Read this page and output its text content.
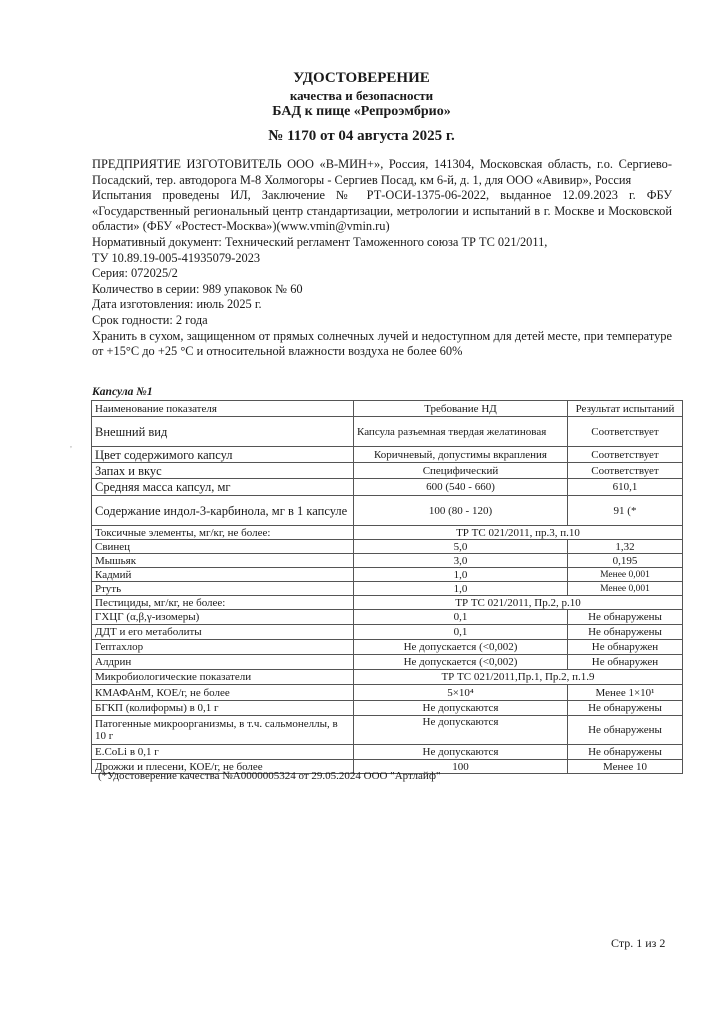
УДОСТОВЕРЕНИЕ
качества и безопасности
БАД к пище «Репроэмбрио»
№ 1170 от 04 августа 2025 г.

ПРЕДПРИЯТИЕ ИЗГОТОВИТЕЛЬ ООО «В-МИН+», Россия, 141304, Московская область, г.о. Сергиево-Посадский, тер. автодорога М-8 Холмогоры - Сергиев Посад, км 6-й, д. 1, для ООО «Авивир», Россия

Испытания проведены ИЛ, Заключение № РТ-ОСИ-1375-06-2022, выданное 12.09.2023 г. ФБУ «Государственный региональный центр стандартизации, метрологии и испытаний в г. Москве и Московской области» (ФБУ «Ростест-Москва»)(www.vmin@vmin.ru)

Нормативный документ: Технический регламент Таможенного союза ТР ТС 021/2011,

ТУ 10.89.19-005-41935079-2023

Серия: 072025/2

Количество в серии: 989 упаковок № 60

Дата изготовления: июль 2025 г.

Срок годности: 2 года

Хранить в сухом, защищенном от прямых солнечных лучей и недоступном для детей месте, при температуре от +15°С до +25 °С и относительной влажности воздуха не более 60%

Капсула №1
Наименование показателя	Требование НД	Результат испытаний
Внешний вид	Капсула разъемная твердая желатиновая	Соответствует
Цвет содержимого капсул	Коричневый, допустимы вкрапления	Соответствует
Запах и вкус	Специфический	Соответствует
Средняя масса капсул, мг	600 (540 - 660)	610,1
Содержание индол-3-карбинола, мг в 1 капсуле	100 (80 - 120)	91 (*
Токсичные элементы, мг/кг, не более:	ТР ТС 021/2011, пр.3, п.10	
Свинец	5,0	1,32
Мышьяк	3,0	0,195
Кадмий	1,0	Менее 0,001
Ртуть	1,0	Менее 0,001
Пестициды, мг/кг, не более:	ТР ТС 021/2011, Пр.2, р.10	
ГХЦГ (α,β,γ-изомеры)	0,1	Не обнаружены
ДДТ и его метаболиты	0,1	Не обнаружены
Гептахлор	Не допускается (<0,002)	Не обнаружен
Алдрин	Не допускается (<0,002)	Не обнаружен
Микробиологические показатели	ТР ТС 021/2011,Пр.1, Пр.2, п.1.9	
КМАФАнМ, КОЕ/г, не более	5×10⁴	Менее 1×10¹
БГКП (колиформы) в 0,1 г	Не допускаются	Не обнаружены
Патогенные микроорганизмы, в т.ч. сальмонеллы, в 10 г	Не допускаются	Не обнаружены
E.CoLi в 0,1 г	Не допускаются	Не обнаружены
Дрожжи и плесени, КОЕ/г, не более	100	Менее 10
(*Удостоверение качества №А0000005324 от 29.05.2024 ООО "Артлайф"
,
Стр. 1 из 2
